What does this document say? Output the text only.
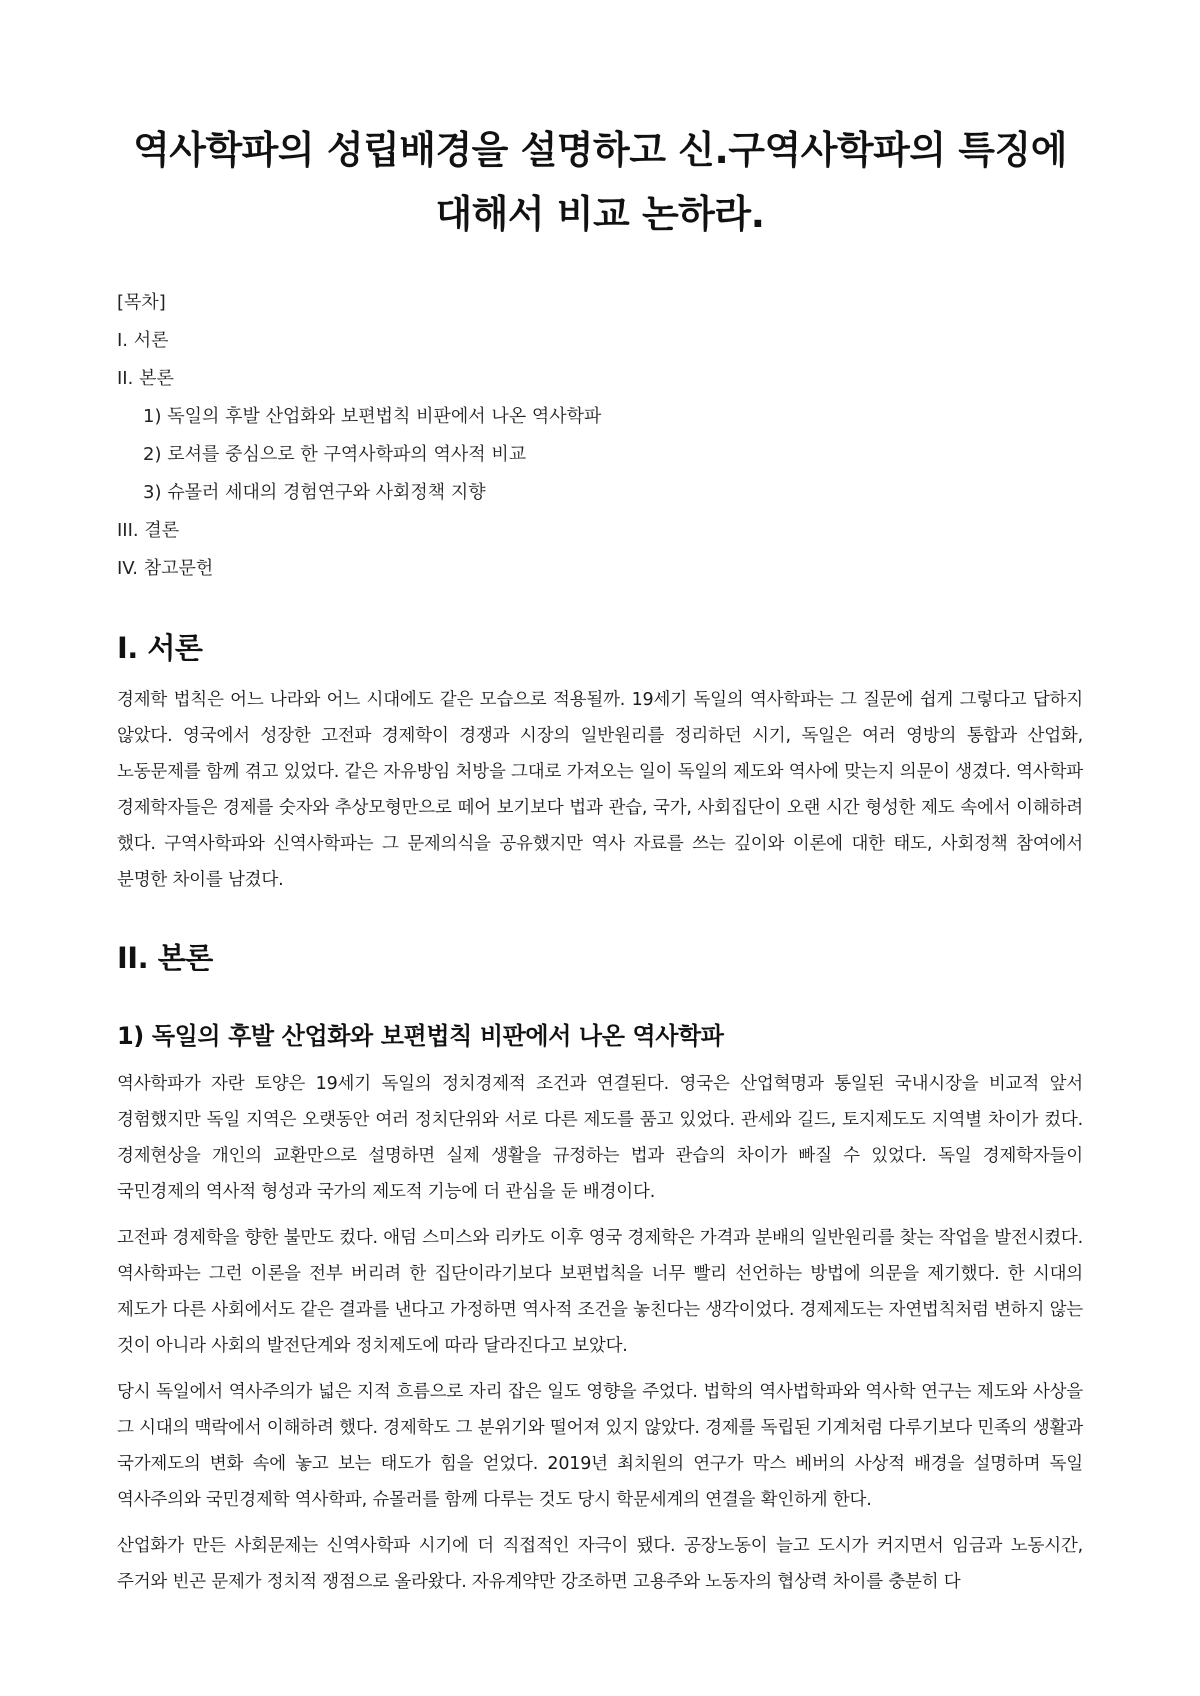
역사학파의 성립배경을 설명하고 신.구역사학파의 특징에 대해서 비교 논하라.
[목차]
I. 서론
II. 본론
1) 독일의 후발 산업화와 보편법칙 비판에서 나온 역사학파
2) 로셔를 중심으로 한 구역사학파의 역사적 비교
3) 슈몰러 세대의 경험연구와 사회정책 지향
III. 결론
IV. 참고문헌
I. 서론

경제학 법칙은 어느 나라와 어느 시대에도 같은 모습으로 적용될까. 19세기 독일의 역사학파는 그 질문에 쉽게 그렇다고 답하지 않았다. 영국에서 성장한 고전파 경제학이 경쟁과 시장의 일반원리를 정리하던 시기, 독일은 여러 영방의 통합과 산업화, 노동문제를 함께 겪고 있었다. 같은 자유방임 처방을 그대로 가져오는 일이 독일의 제도와 역사에 맞는지 의문이 생겼다. 역사학파 경제학자들은 경제를 숫자와 추상모형만으로 떼어 보기보다 법과 관습, 국가, 사회집단이 오랜 시간 형성한 제도 속에서 이해하려 했다. 구역사학파와 신역사학파는 그 문제의식을 공유했지만 역사 자료를 쓰는 깊이와 이론에 대한 태도, 사회정책 참여에서 분명한 차이를 남겼다.

II. 본론
1) 독일의 후발 산업화와 보편법칙 비판에서 나온 역사학파

역사학파가 자란 토양은 19세기 독일의 정치경제적 조건과 연결된다. 영국은 산업혁명과 통일된 국내시장을 비교적 앞서 경험했지만 독일 지역은 오랫동안 여러 정치단위와 서로 다른 제도를 품고 있었다. 관세와 길드, 토지제도도 지역별 차이가 컸다. 경제현상을 개인의 교환만으로 설명하면 실제 생활을 규정하는 법과 관습의 차이가 빠질 수 있었다. 독일 경제학자들이 국민경제의 역사적 형성과 국가의 제도적 기능에 더 관심을 둔 배경이다.

고전파 경제학을 향한 불만도 컸다. 애덤 스미스와 리카도 이후 영국 경제학은 가격과 분배의 일반원리를 찾는 작업을 발전시켰다. 역사학파는 그런 이론을 전부 버리려 한 집단이라기보다 보편법칙을 너무 빨리 선언하는 방법에 의문을 제기했다. 한 시대의 제도가 다른 사회에서도 같은 결과를 낸다고 가정하면 역사적 조건을 놓친다는 생각이었다. 경제제도는 자연법칙처럼 변하지 않는 것이 아니라 사회의 발전단계와 정치제도에 따라 달라진다고 보았다.

당시 독일에서 역사주의가 넓은 지적 흐름으로 자리 잡은 일도 영향을 주었다. 법학의 역사법학파와 역사학 연구는 제도와 사상을 그 시대의 맥락에서 이해하려 했다. 경제학도 그 분위기와 떨어져 있지 않았다. 경제를 독립된 기계처럼 다루기보다 민족의 생활과 국가제도의 변화 속에 놓고 보는 태도가 힘을 얻었다. 2019년 최치원의 연구가 막스 베버의 사상적 배경을 설명하며 독일 역사주의와 국민경제학 역사학파, 슈몰러를 함께 다루는 것도 당시 학문세계의 연결을 확인하게 한다.

산업화가 만든 사회문제는 신역사학파 시기에 더 직접적인 자극이 됐다. 공장노동이 늘고 도시가 커지면서 임금과 노동시간, 주거와 빈곤 문제가 정치적 쟁점으로 올라왔다. 자유계약만 강조하면 고용주와 노동자의 협상력 차이를 충분히 다
